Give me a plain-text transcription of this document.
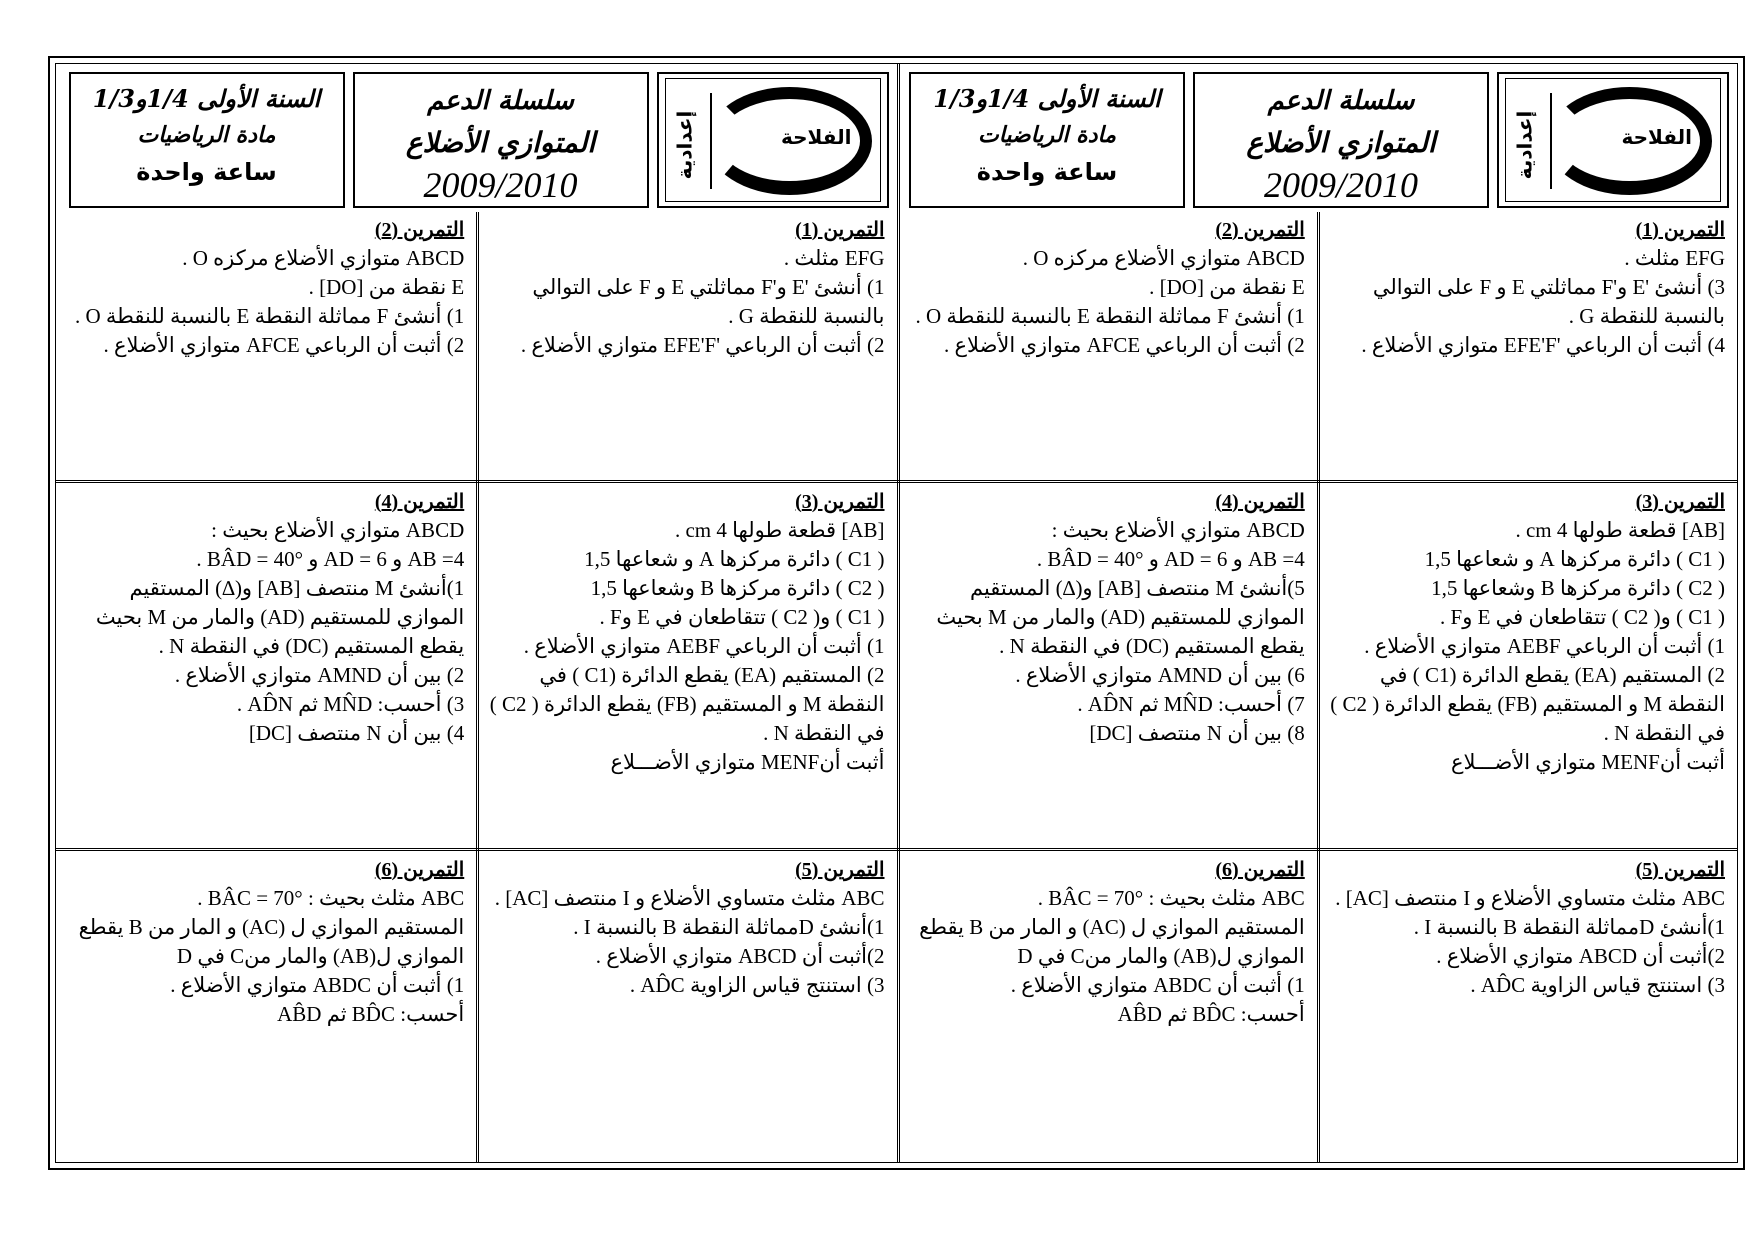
الفلاحة
إعدادية
سلسلة الدعم
المتوازي الأضلاع
2009/2010
السنة الأولى 1/4و1/3
مادة الرياضيات
ساعة واحدة
التمرين (1)
EFG مثلث .
3) أنشئ 'E و'F مماثلتي E و F على التوالي بالنسبة للنقطة G .
4) أثبت أن الرباعي 'EFE'F متوازي الأضلاع .
التمرين (2)
ABCD متوازي الأضلاع مركزه O .
E نقطة من [DO] .
1) أنشئ F مماثلة النقطة E بالنسبة للنقطة O .
2) أثبت أن الرباعي AFCE متوازي الأضلاع .
التمرين (3)
[AB] قطعة طولها 4 cm .
( C1 ) دائرة مركزها A و شعاعها 1,5
( C2 ) دائرة مركزها B وشعاعها 1,5
( C1 ) و( C2 ) تتقاطعان في E وF .
1) أثبت أن الرباعي AEBF متوازي الأضلاع .
2) المستقيم (EA) يقطع الدائرة (C1 ) في النقطة M و المستقيم (FB) يقطع الدائرة ( C2 ) في النقطة N .
أثبت أنMENF متوازي الأضـــلاع
التمرين (4)
ABCD متوازي الأضلاع بحيث :
AB =4 و AD = 6 و BÂD = 40° .
5)أنشئ M منتصف [AB] و(∆) المستقيم الموازي للمستقيم (AD) والمار من M بحيث يقطع المستقيم (DC) في النقطة N .
6) بين أن AMND متوازي الأضلاع .
7) أحسب: MN̂D ثم AD̂N .
8) بين أن N منتصف [DC]
التمرين (5)
ABC مثلث متساوي الأضلاع و I منتصف [AC] .
1)أنشئ Dمماثلة النقطة B بالنسبة I .
2)أثبت أن ABCD متوازي الأضلاع .
3) استنتج قياس الزاوية AD̂C .
التمرين (6)
ABC مثلث بحيث : BÂC = 70° .
المستقيم الموازي ل (AC) و المار من B يقطع الموازي ل(AB) والمار منC في D
1) أثبت أن ABDC متوازي الأضلاع .
أحسب: BD̂C ثم AB̂D
الفلاحة
إعدادية
سلسلة الدعم
المتوازي الأضلاع
2009/2010
السنة الأولى 1/4و1/3
مادة الرياضيات
ساعة واحدة
التمرين (1)
EFG مثلث .
1) أنشئ 'E و'F مماثلتي E و F على التوالي بالنسبة للنقطة G .
2) أثبت أن الرباعي 'EFE'F متوازي الأضلاع .
التمرين (2)
ABCD متوازي الأضلاع مركزه O .
E نقطة من [DO] .
1) أنشئ F مماثلة النقطة E بالنسبة للنقطة O .
2) أثبت أن الرباعي AFCE متوازي الأضلاع .
التمرين (3)
[AB] قطعة طولها 4 cm .
( C1 ) دائرة مركزها A و شعاعها 1,5
( C2 ) دائرة مركزها B وشعاعها 1,5
( C1 ) و( C2 ) تتقاطعان في E وF .
1) أثبت أن الرباعي AEBF متوازي الأضلاع .
2) المستقيم (EA) يقطع الدائرة (C1 ) في النقطة M و المستقيم (FB) يقطع الدائرة ( C2 ) في النقطة N .
أثبت أنMENF متوازي الأضـــلاع
التمرين (4)
ABCD متوازي الأضلاع بحيث :
AB =4 و AD = 6 و BÂD = 40° .
1)أنشئ M منتصف [AB] و(∆) المستقيم الموازي للمستقيم (AD) والمار من M بحيث يقطع المستقيم (DC) في النقطة N .
2) بين أن AMND متوازي الأضلاع .
3) أحسب: MN̂D ثم AD̂N .
4) بين أن N منتصف [DC]
التمرين (5)
ABC مثلث متساوي الأضلاع و I منتصف [AC] .
1)أنشئ Dمماثلة النقطة B بالنسبة I .
2)أثبت أن ABCD متوازي الأضلاع .
3) استنتج قياس الزاوية AD̂C .
التمرين (6)
ABC مثلث بحيث : BÂC = 70° .
المستقيم الموازي ل (AC) و المار من B يقطع الموازي ل(AB) والمار منC في D
1) أثبت أن ABDC متوازي الأضلاع .
أحسب: BD̂C ثم AB̂D
